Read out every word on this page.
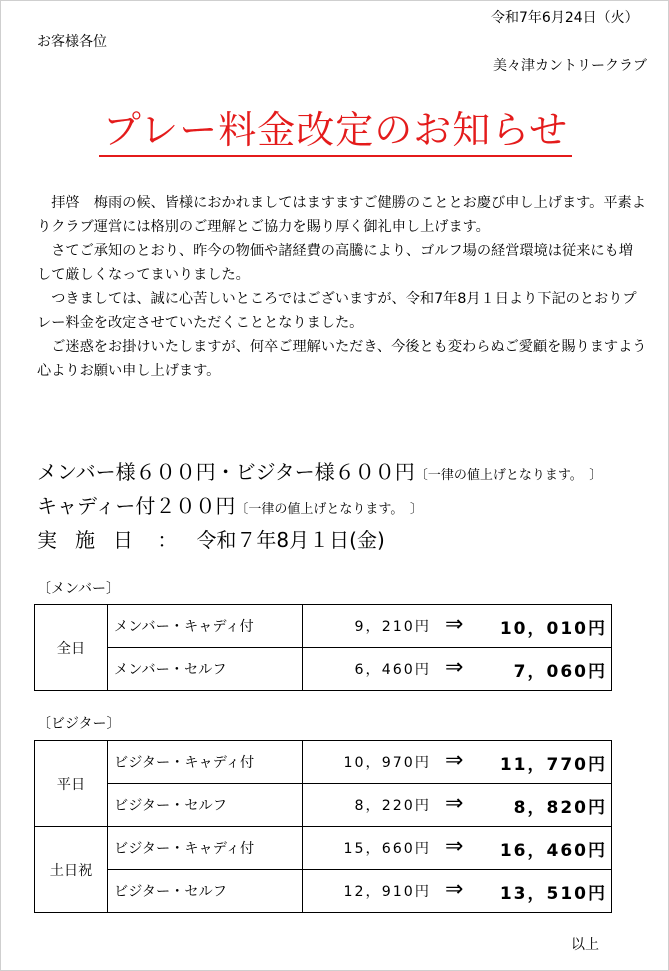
令和7年6月24日（火）
お客様各位
美々津カントリークラブ
プレー料金改定のお知らせ

　拝啓　梅雨の候、皆様におかれましてはますますご健勝のこととお慶び申し上げます。平素よりクラブ運営には格別のご理解とご協力を賜り厚く御礼申し上げます。

　さてご承知のとおり、昨今の物価や諸経費の高騰により、ゴルフ場の経営環境は従来にも増して厳しくなってまいりました。

　つきましては、誠に心苦しいところではございますが、令和7年8月１日より下記のとおりプレー料金を改定させていただくこととなりました。

　ご迷惑をお掛けいたしますが、何卒ご理解いただき、今後とも変わらぬご愛顧を賜りますよう心よりお願い申し上げます。

メンバー様６００円・ビジター様６００円〔一律の値上げとなります。　〕
キャディー付２００円〔一律の値上げとなります。　〕
実施日 ： 令和７年8月１日(金)
〔メンバー〕
全日	メンバー・キャディ付	9，210円 ⇒ 10，010円

	メンバー・セルフ	6，460円 ⇒ 7，060円
〔ビジター〕
平日	ビジター・キャディ付	10，970円 ⇒ 11，770円

	ビジター・セルフ	8，220円 ⇒ 8，820円

土日祝	ビジター・キャディ付	15，660円 ⇒ 16，460円

	ビジター・セルフ	12，910円 ⇒ 13，510円
以上
